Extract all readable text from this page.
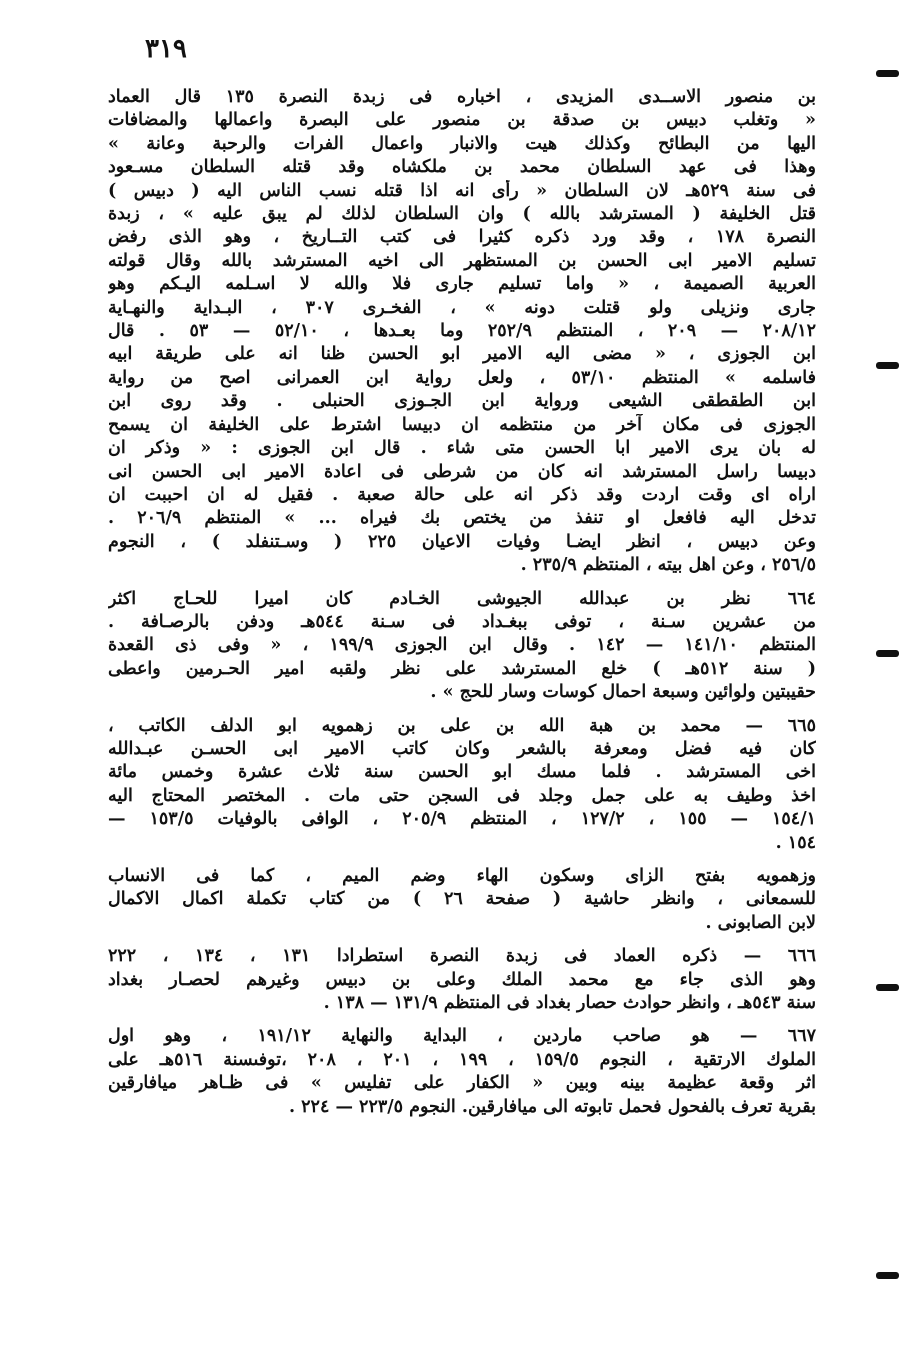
٣١٩
بن منصور الاســدى المزيدى ، اخباره فى زبدة النصرة ١٣٥ قال العماد
« وتغلب دبيس بن صدقة بن منصور على البصرة واعمالها والمضافات
اليها من البطائح وكذلك هيت والانبار واعمال الفرات والرحبة وعانة »
وهذا فى عهد السلطان محمد بن ملكشاه وقد قتله السلطان مسـعود
فى سنة ٥٢٩هـ لان السلطان « رأى انه اذا قتله نسب الناس اليه ( دبيس )
قتل الخليفة ( المسترشد بالله ) وان السلطان لذلك لم يبق عليه » ، زبدة
النصرة ١٧٨ ، وقد ورد ذكره كثيرا فى كتب التــاريخ ، وهو الذى رفض
تسليم الامير ابى الحسن بن المستظهر الى اخيه المسترشد بالله وقال قولته
العربية الصميمة ، « واما تسليم جارى فلا والله لا اسـلمه اليـكم وهو
جارى ونزيلى ولو قتلت دونه » ، الفخـرى ٣٠٧ ، البـداية والنهـاية
٢٠٨/١٢ — ٢٠٩ ، المنتظم ٢٥٢/٩ وما بعـدها ، ٥٢/١٠ — ٥٣ . قال
ابن الجوزى ، « مضى اليه الامير ابو الحسن ظنا انه على طريقة ابيه
فاسلمه » المنتظم ٥٣/١٠ ، ولعل رواية ابن العمرانى اصح من رواية
ابن الطقطقى الشيعى ورواية ابن الجـوزى الحنبلى . وقد روى ابن
الجوزى فى مكان آخر من منتظمه ان دبيسا اشترط على الخليفة ان يسمح
له بان يرى الامير ابا الحسن متى شاء . قال ابن الجوزى : « وذكر ان
دبيسا راسل المسترشد انه كان من شرطى فى اعادة الامير ابى الحسن انى
اراه اى وقت اردت وقد ذكر انه على حالة صعبة . فقيل له ان احببت ان
تدخل اليه فافعل او تنفذ من يختص بك فيراه ... » المنتظم ٢٠٦/٩ .
وعن دبيس ، انظر ايضـا وفيات الاعيان ٢٢٥ ( وسـتنفلد ) ، النجوم
٢٥٦/٥ ، وعن اهل بيته ، المنتظم ٢٣٥/٩ .
٦٦٤ نظر بن عبدالله الجيوشى الخـادم كان اميرا للحـاج اكثر
من عشرين سـنة ، توفى ببغـداد فى سـنة ٥٤٤هـ ودفن بالرصـافة .
المنتظم ١٤١/١٠ — ١٤٢ . وقال ابن الجوزى ١٩٩/٩ ، « وفى ذى القعدة
( سنة ٥١٢هـ ) خلع المسترشد على نظر ولقبه امير الحـرمين واعطى
حقيبتين ولوائين وسبعة احمال كوسات وسار للحج » .
٦٦٥ — محمد بن هبة الله بن على بن زهمويه ابو الدلف الكاتب ،
كان فيه فضل ومعرفة بالشعر وكان كاتب الامير ابى الحسـن عبـدالله
اخى المسترشد . فلما مسك ابو الحسن سنة ثلاث عشرة وخمس مائة
اخذ وطيف به على جمل وجلد فى السجن حتى مات . المختصر المحتاج اليه
١٥٤/١ — ١٥٥ ، ١٢٧/٢ ، المنتظم ٢٠٥/٩ ، الوافى بالوفيات ١٥٣/٥ —
١٥٤ .
وزهمويه بفتح الزاى وسكون الهاء وضم الميم ، كما فى الانساب
للسمعانى ، وانظر حاشية ( صفحة ٢٦ ) من كتاب تكملة اكمال الاكمال
لابن الصابونى .
٦٦٦ — ذكره العماد فى زبدة النصرة استطرادا ١٣١ ، ١٣٤ ، ٢٢٢
وهو الذى جاء مع محمد الملك وعلى بن دبيس وغيرهم لحصـار بغداد
سنة ٥٤٣هـ ، وانظر حوادث حصار بغداد فى المنتظم ١٣١/٩ — ١٣٨ .
٦٦٧ — هو صاحب ماردين ، البداية والنهاية ١٩١/١٢ ، وهو اول
الملوك الارتقية ، النجوم ١٥٩/٥ ، ١٩٩ ، ٢٠١ ، ٢٠٨ ،توفىسنة ٥١٦هـ على
اثر وقعة عظيمة بينه وبين « الكفار على تفليس » فى ظـاهر ميافارقين
بقرية تعرف بالفحول فحمل تابوته الى ميافارقين. النجوم ٢٢٣/٥ — ٢٢٤ .
